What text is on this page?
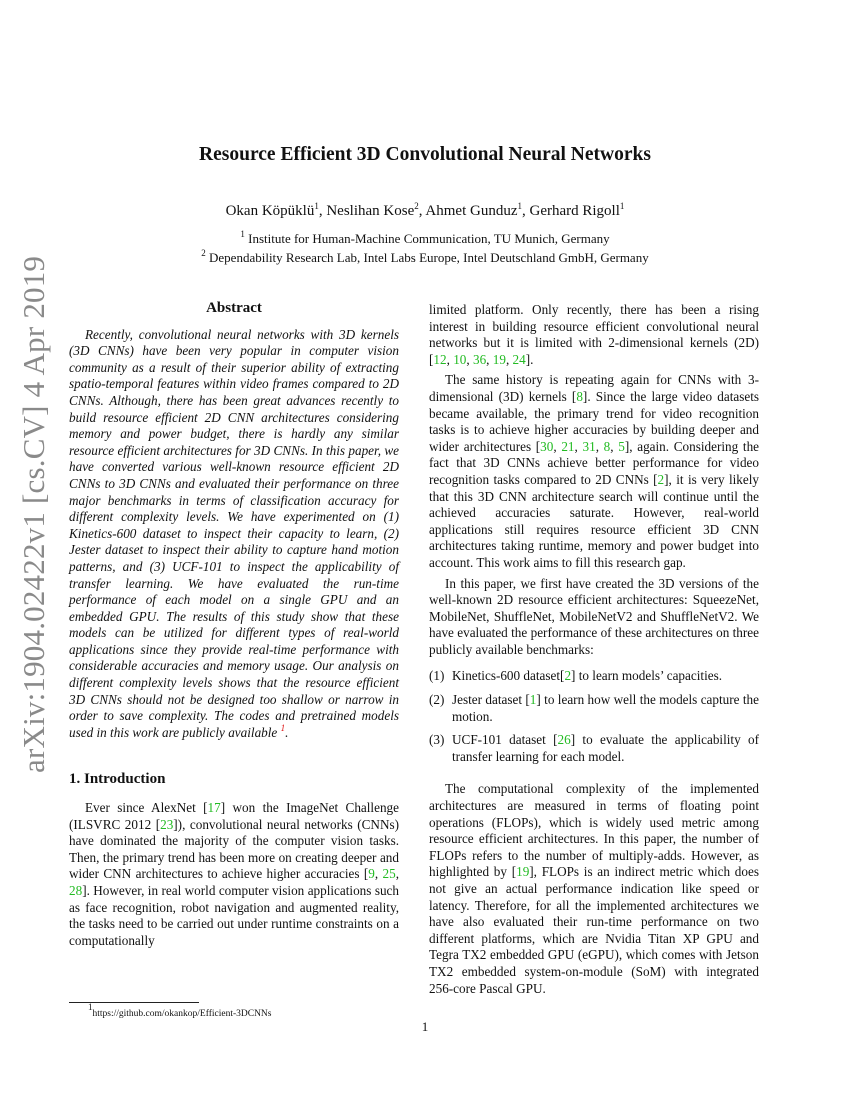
arXiv:1904.02422v1 [cs.CV] 4 Apr 2019
Resource Efficient 3D Convolutional Neural Networks
Okan Köpüklü$^1$, Neslihan Kose$^2$, Ahmet Gunduz$^1$, Gerhard Rigoll$^1$
$^1$ Institute for Human-Machine Communication, TU Munich, Germany
$^2$ Dependability Research Lab, Intel Labs Europe, Intel Deutschland GmbH, Germany
Abstract

Recently, convolutional neural networks with 3D kernels (3D CNNs) have been very popular in computer vision community as a result of their superior ability of extracting spatio-temporal features within video frames compared to 2D CNNs. Although, there has been great advances recently to build resource efficient 2D CNN architectures considering memory and power budget, there is hardly any similar resource efficient architectures for 3D CNNs. In this paper, we have converted various well-known resource efficient 2D CNNs to 3D CNNs and evaluated their performance on three major benchmarks in terms of classification accuracy for different complexity levels. We have experimented on (1) Kinetics-600 dataset to inspect their capacity to learn, (2) Jester dataset to inspect their ability to capture hand motion patterns, and (3) UCF-101 to inspect the applicability of transfer learning. We have evaluated the run-time performance of each model on a single GPU and an embedded GPU. The results of this study show that these models can be utilized for different types of real-world applications since they provide real-time performance with considerable accuracies and memory usage. Our analysis on different complexity levels shows that the resource efficient 3D CNNs should not be designed too shallow or narrow in order to save complexity. The codes and pretrained models used in this work are publicly available $^1$.

1. Introduction

Ever since AlexNet [17] won the ImageNet Challenge (ILSVRC 2012 [23]), convolutional neural networks (CNNs) have dominated the majority of the computer vision tasks. Then, the primary trend has been more on creating deeper and wider CNN architectures to achieve higher accuracies [9, 25, 28]. However, in real world computer vision applications such as face recognition, robot navigation and augmented reality, the tasks need to be carried out under runtime constraints on a computationally

limited platform. Only recently, there has been a rising interest in building resource efficient convolutional neural networks but it is limited with 2-dimensional kernels (2D) [12, 10, 36, 19, 24].

The same history is repeating again for CNNs with 3-dimensional (3D) kernels [8]. Since the large video datasets became available, the primary trend for video recognition tasks is to achieve higher accuracies by building deeper and wider architectures [30, 21, 31, 8, 5], again. Considering the fact that 3D CNNs achieve better performance for video recognition tasks compared to 2D CNNs [2], it is very likely that this 3D CNN architecture search will continue until the achieved accuracies saturate. However, real-world applications still requires resource efficient 3D CNN architectures taking runtime, memory and power budget into account. This work aims to fill this research gap.

In this paper, we first have created the 3D versions of the well-known 2D resource efficient architectures: SqueezeNet, MobileNet, ShuffleNet, MobileNetV2 and ShuffleNetV2. We have evaluated the performance of these architectures on three publicly available benchmarks:

(1) Kinetics-600 dataset[2] to learn models’ capacities.

(2) Jester dataset [1] to learn how well the models capture the motion.

(3) UCF-101 dataset [26] to evaluate the applicability of transfer learning for each model.

The computational complexity of the implemented architectures are measured in terms of floating point operations (FLOPs), which is widely used metric among resource efficient architectures. In this paper, the number of FLOPs refers to the number of multiply-adds. However, as highlighted by [19], FLOPs is an indirect metric which does not give an actual performance indication like speed or latency. Therefore, for all the implemented architectures we have also evaluated their run-time performance on two different platforms, which are Nvidia Titan XP GPU and Tegra TX2 embedded GPU (eGPU), which comes with Jetson TX2 embedded system-on-module (SoM) with integrated 256-core Pascal GPU.

$^1$https://github.com/okankop/Efficient-3DCNNs
1
